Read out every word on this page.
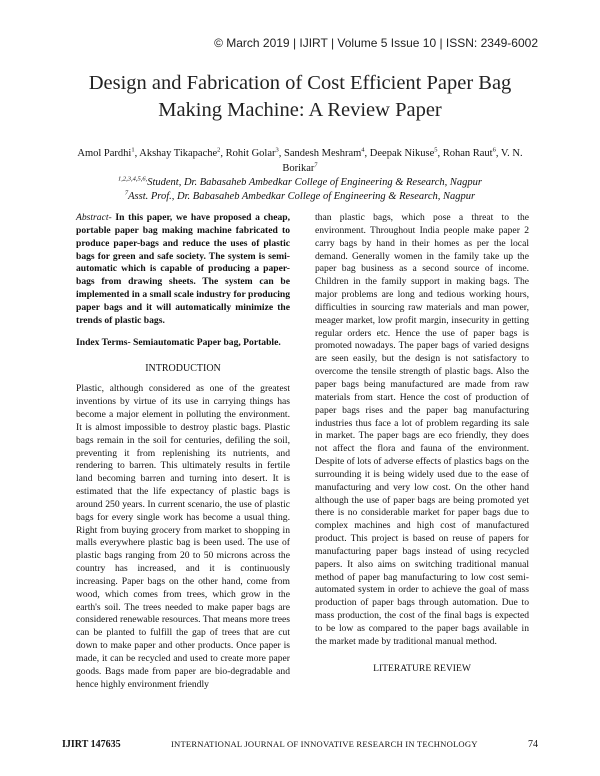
© March 2019 | IJIRT | Volume 5 Issue 10 | ISSN: 2349-6002
Design and Fabrication of Cost Efficient Paper Bag
Making Machine: A Review Paper
Amol Pardhi$^1$, Akshay Tikapache$^2$, Rohit Golar$^3$, Sandesh Meshram$^4$, Deepak Nikuse$^5$, Rohan Raut$^6$, V. N. Borikar$^7$
$^{1,2,3,4,5,6,}$Student, Dr. Babasaheb Ambedkar College of Engineering & Research, Nagpur
$^7$Asst. Prof., Dr. Babasaheb Ambedkar College of Engineering & Research, Nagpur

Abstract- In this paper, we have proposed a cheap, portable paper bag making machine fabricated to produce paper-bags and reduce the uses of plastic bags for green and safe society. The system is semi-automatic which is capable of producing a paper-bags from drawing sheets. The system can be implemented in a small scale industry for producing paper bags and it will automatically minimize the trends of plastic bags.

Index Terms- Semiautomatic Paper bag, Portable.

INTRODUCTION

Plastic, although considered as one of the greatest inventions by virtue of its use in carrying things has become a major element in polluting the environment. It is almost impossible to destroy plastic bags. Plastic bags remain in the soil for centuries, defiling the soil, preventing it from replenishing its nutrients, and rendering to barren. This ultimately results in fertile land becoming barren and turning into desert. It is estimated that the life expectancy of plastic bags is around 250 years. In current scenario, the use of plastic bags for every single work has become a usual thing. Right from buying grocery from market to shopping in malls everywhere plastic bag is been used. The use of plastic bags ranging from 20 to 50 microns across the country has increased, and it is continuously increasing. Paper bags on the other hand, come from wood, which comes from trees, which grow in the earth's soil. The trees needed to make paper bags are considered renewable resources. That means more trees can be planted to fulfill the gap of trees that are cut down to make paper and other products. Once paper is made, it can be recycled and used to create more paper goods. Bags made from paper are bio-degradable and hence highly environment friendly

than plastic bags, which pose a threat to the environment. Throughout India people make paper 2 carry bags by hand in their homes as per the local demand. Generally women in the family take up the paper bag business as a second source of income. Children in the family support in making bags. The major problems are long and tedious working hours, difficulties in sourcing raw materials and man power, meager market, low profit margin, insecurity in getting regular orders etc. Hence the use of paper bags is promoted nowadays. The paper bags of varied designs are seen easily, but the design is not satisfactory to overcome the tensile strength of plastic bags. Also the paper bags being manufactured are made from raw materials from start. Hence the cost of production of paper bags rises and the paper bag manufacturing industries thus face a lot of problem regarding its sale in market. The paper bags are eco friendly, they does not affect the flora and fauna of the environment. Despite of lots of adverse effects of plastics bags on the surrounding it is being widely used due to the ease of manufacturing and very low cost. On the other hand although the use of paper bags are being promoted yet there is no considerable market for paper bags due to complex machines and high cost of manufactured product. This project is based on reuse of papers for manufacturing paper bags instead of using recycled papers. It also aims on switching traditional manual method of paper bag manufacturing to low cost semi-automated system in order to achieve the goal of mass production of paper bags through automation. Due to mass production, the cost of the final bags is expected to be low as compared to the paper bags available in the market made by traditional manual method.

LITERATURE REVIEW
IJIRT 147635	INTERNATIONAL JOURNAL OF INNOVATIVE RESEARCH IN TECHNOLOGY	74
